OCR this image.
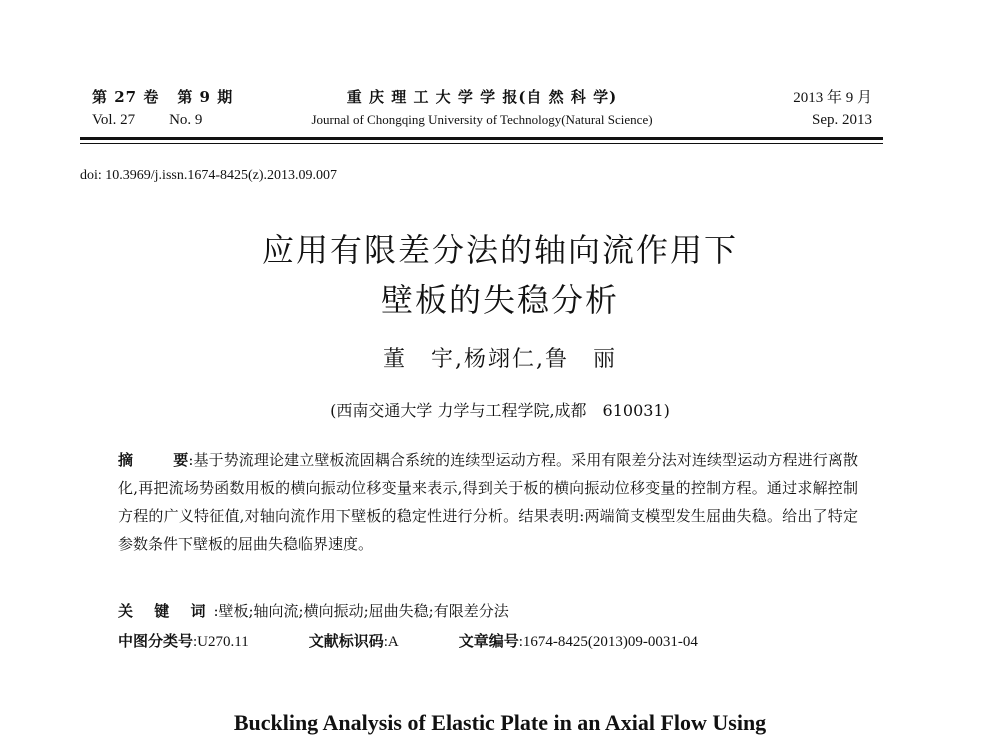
第 27 卷 第 9 期	重 庆 理 工 大 学 学 报(自 然 科 学)	2013 年 9 月
Vol. 27 No. 9	Journal of Chongqing University of Technology(Natural Science)	Sep. 2013
doi: 10.3969/j.issn.1674-8425(z).2013.09.007
应用有限差分法的轴向流作用下
壁板的失稳分析
董　宇,杨翊仁,鲁　丽
(西南交通大学 力学与工程学院,成都　610031)
摘	要:基于势流理论建立壁板流固耦合系统的连续型运动方程。采用有限差分法对连续型运动方程进行离散化,再把流场势函数用板的横向振动位移变量来表示,得到关于板的横向振动位移变量的控制方程。通过求解控制方程的广义特征值,对轴向流作用下壁板的稳定性进行分析。结果表明:两端简支模型发生屈曲失稳。给出了特定参数条件下壁板的屈曲失稳临界速度。
关 键 词:壁板;轴向流;横向振动;屈曲失稳;有限差分法
中图分类号:U270.11	文献标识码:A	文章编号:1674-8425(2013)09-0031-04
Buckling Analysis of Elastic Plate in an Axial Flow Using
